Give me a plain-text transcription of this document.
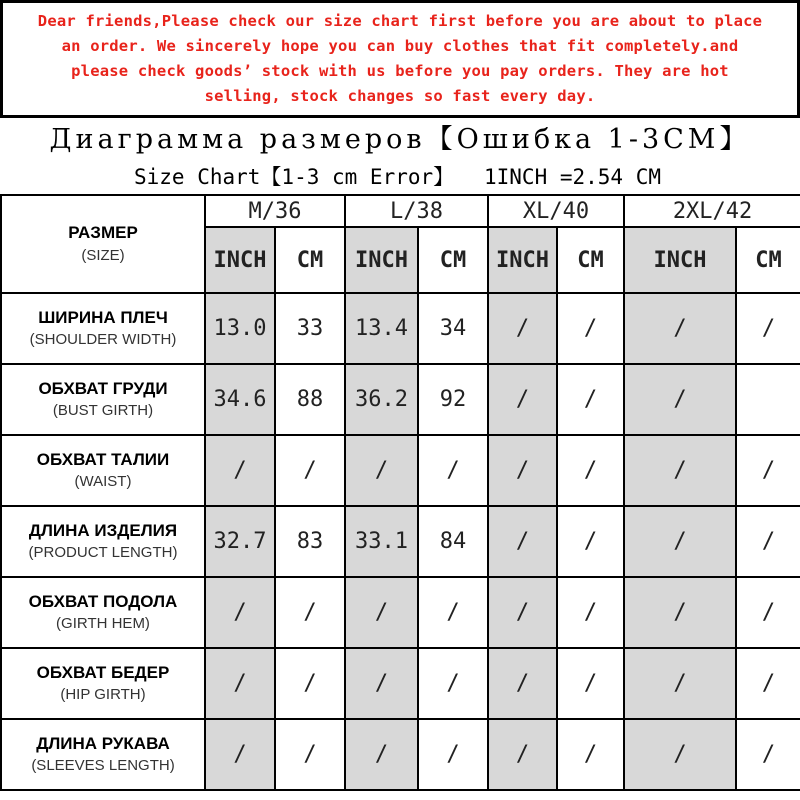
Dear friends,Please check our size chart first before you are about to place
an order. We sincerely hope you can buy clothes that fit completely.and
please check goods’ stock with us before you pay orders. They are hot
selling, stock changes so fast every day.
Диаграмма размеров【Ошибка 1-3CM】
Size Chart【1-3 cm Error】 1INCH =2.54 CM
РАЗМЕР
(SIZE)	M/36		L/38		XL/40		2XL/42	
	INCH	CM	INCH	CM	INCH	CM	INCH	CM

ШИРИНА ПЛЕЧ
(SHOULDER WIDTH)	13.0	33	13.4	34	/	/	/	/

ОБХВАТ ГРУДИ
(BUST GIRTH)	34.6	88	36.2	92	/	/	/	

ОБХВАТ ТАЛИИ
(WAIST)	/	/	/	/	/	/	/	/

ДЛИНА ИЗДЕЛИЯ
(PRODUCT LENGTH)	32.7	83	33.1	84	/	/	/	/

ОБХВАТ ПОДОЛА
(GIRTH HEM)	/	/	/	/	/	/	/	/

ОБХВАТ БЕДЕР
(HIP GIRTH)	/	/	/	/	/	/	/	/

ДЛИНА РУКАВА
(SLEEVES LENGTH)	/	/	/	/	/	/	/	/
